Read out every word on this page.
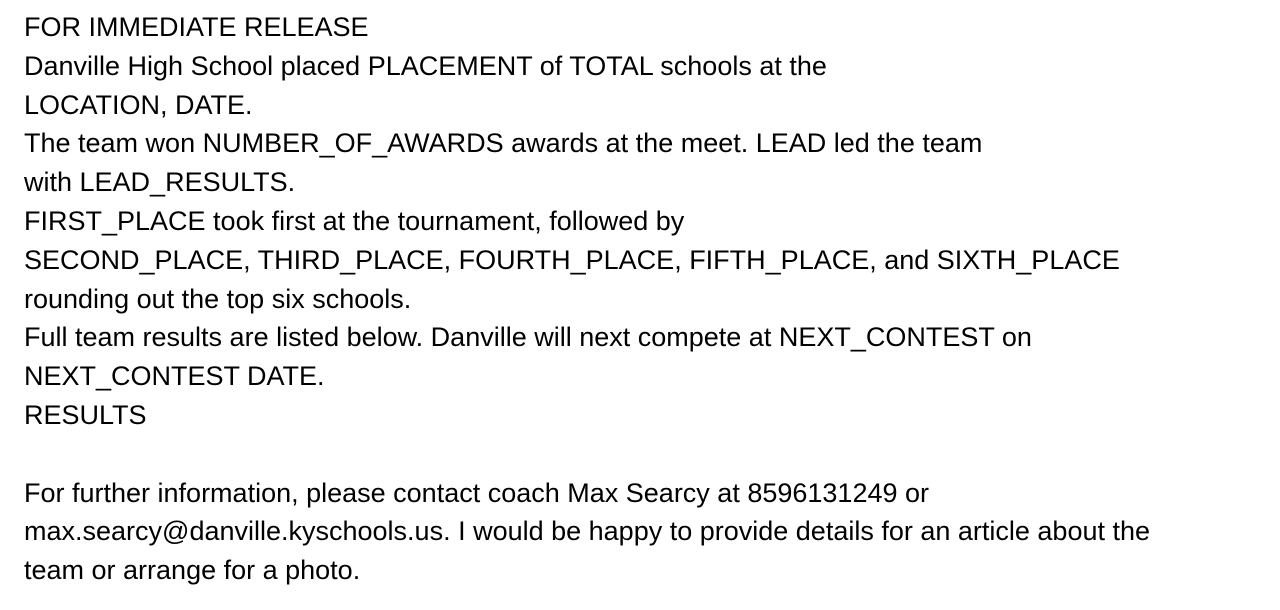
FOR IMMEDIATE RELEASE
Danville High School placed PLACEMENT of TOTAL schools at the
LOCATION, DATE.
The team won NUMBER_OF_AWARDS awards at the meet. LEAD led the team
with LEAD_RESULTS.
FIRST_PLACE took first at the tournament, followed by
SECOND_PLACE, THIRD_PLACE, FOURTH_PLACE, FIFTH_PLACE, and SIXTH_PLACE
rounding out the top six schools.
Full team results are listed below. Danville will next compete at NEXT_CONTEST on
NEXT_CONTEST DATE.
RESULTS
For further information, please contact coach Max Searcy at 8596131249 or
max.searcy@danville.kyschools.us. I would be happy to provide details for an article about the
team or arrange for a photo.
